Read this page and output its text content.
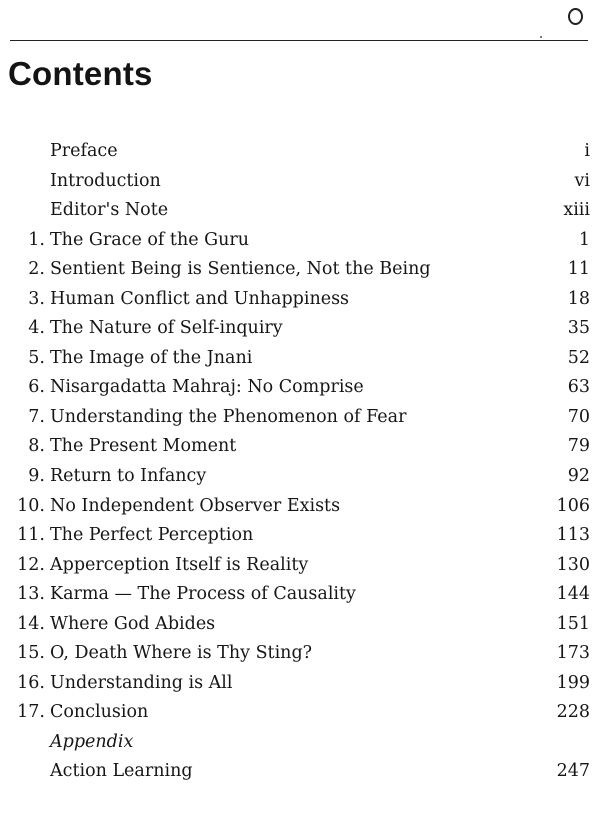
Contents
Preface	i
Introduction	vi
Editor's Note	xiii
1. The Grace of the Guru	1
2. Sentient Being is Sentience, Not the Being	11
3. Human Conflict and Unhappiness	18
4. The Nature of Self-inquiry	35
5. The Image of the Jnani	52
6. Nisargadatta Mahraj: No Comprise	63
7. Understanding the Phenomenon of Fear	70
8. The Present Moment	79
9. Return to Infancy	92
10. No Independent Observer Exists	106
11. The Perfect Perception	113
12. Apperception Itself is Reality	130
13. Karma — The Process of Causality	144
14. Where God Abides	151
15. O, Death Where is Thy Sting?	173
16. Understanding is All	199
17. Conclusion	228
Appendix
Action Learning	247
